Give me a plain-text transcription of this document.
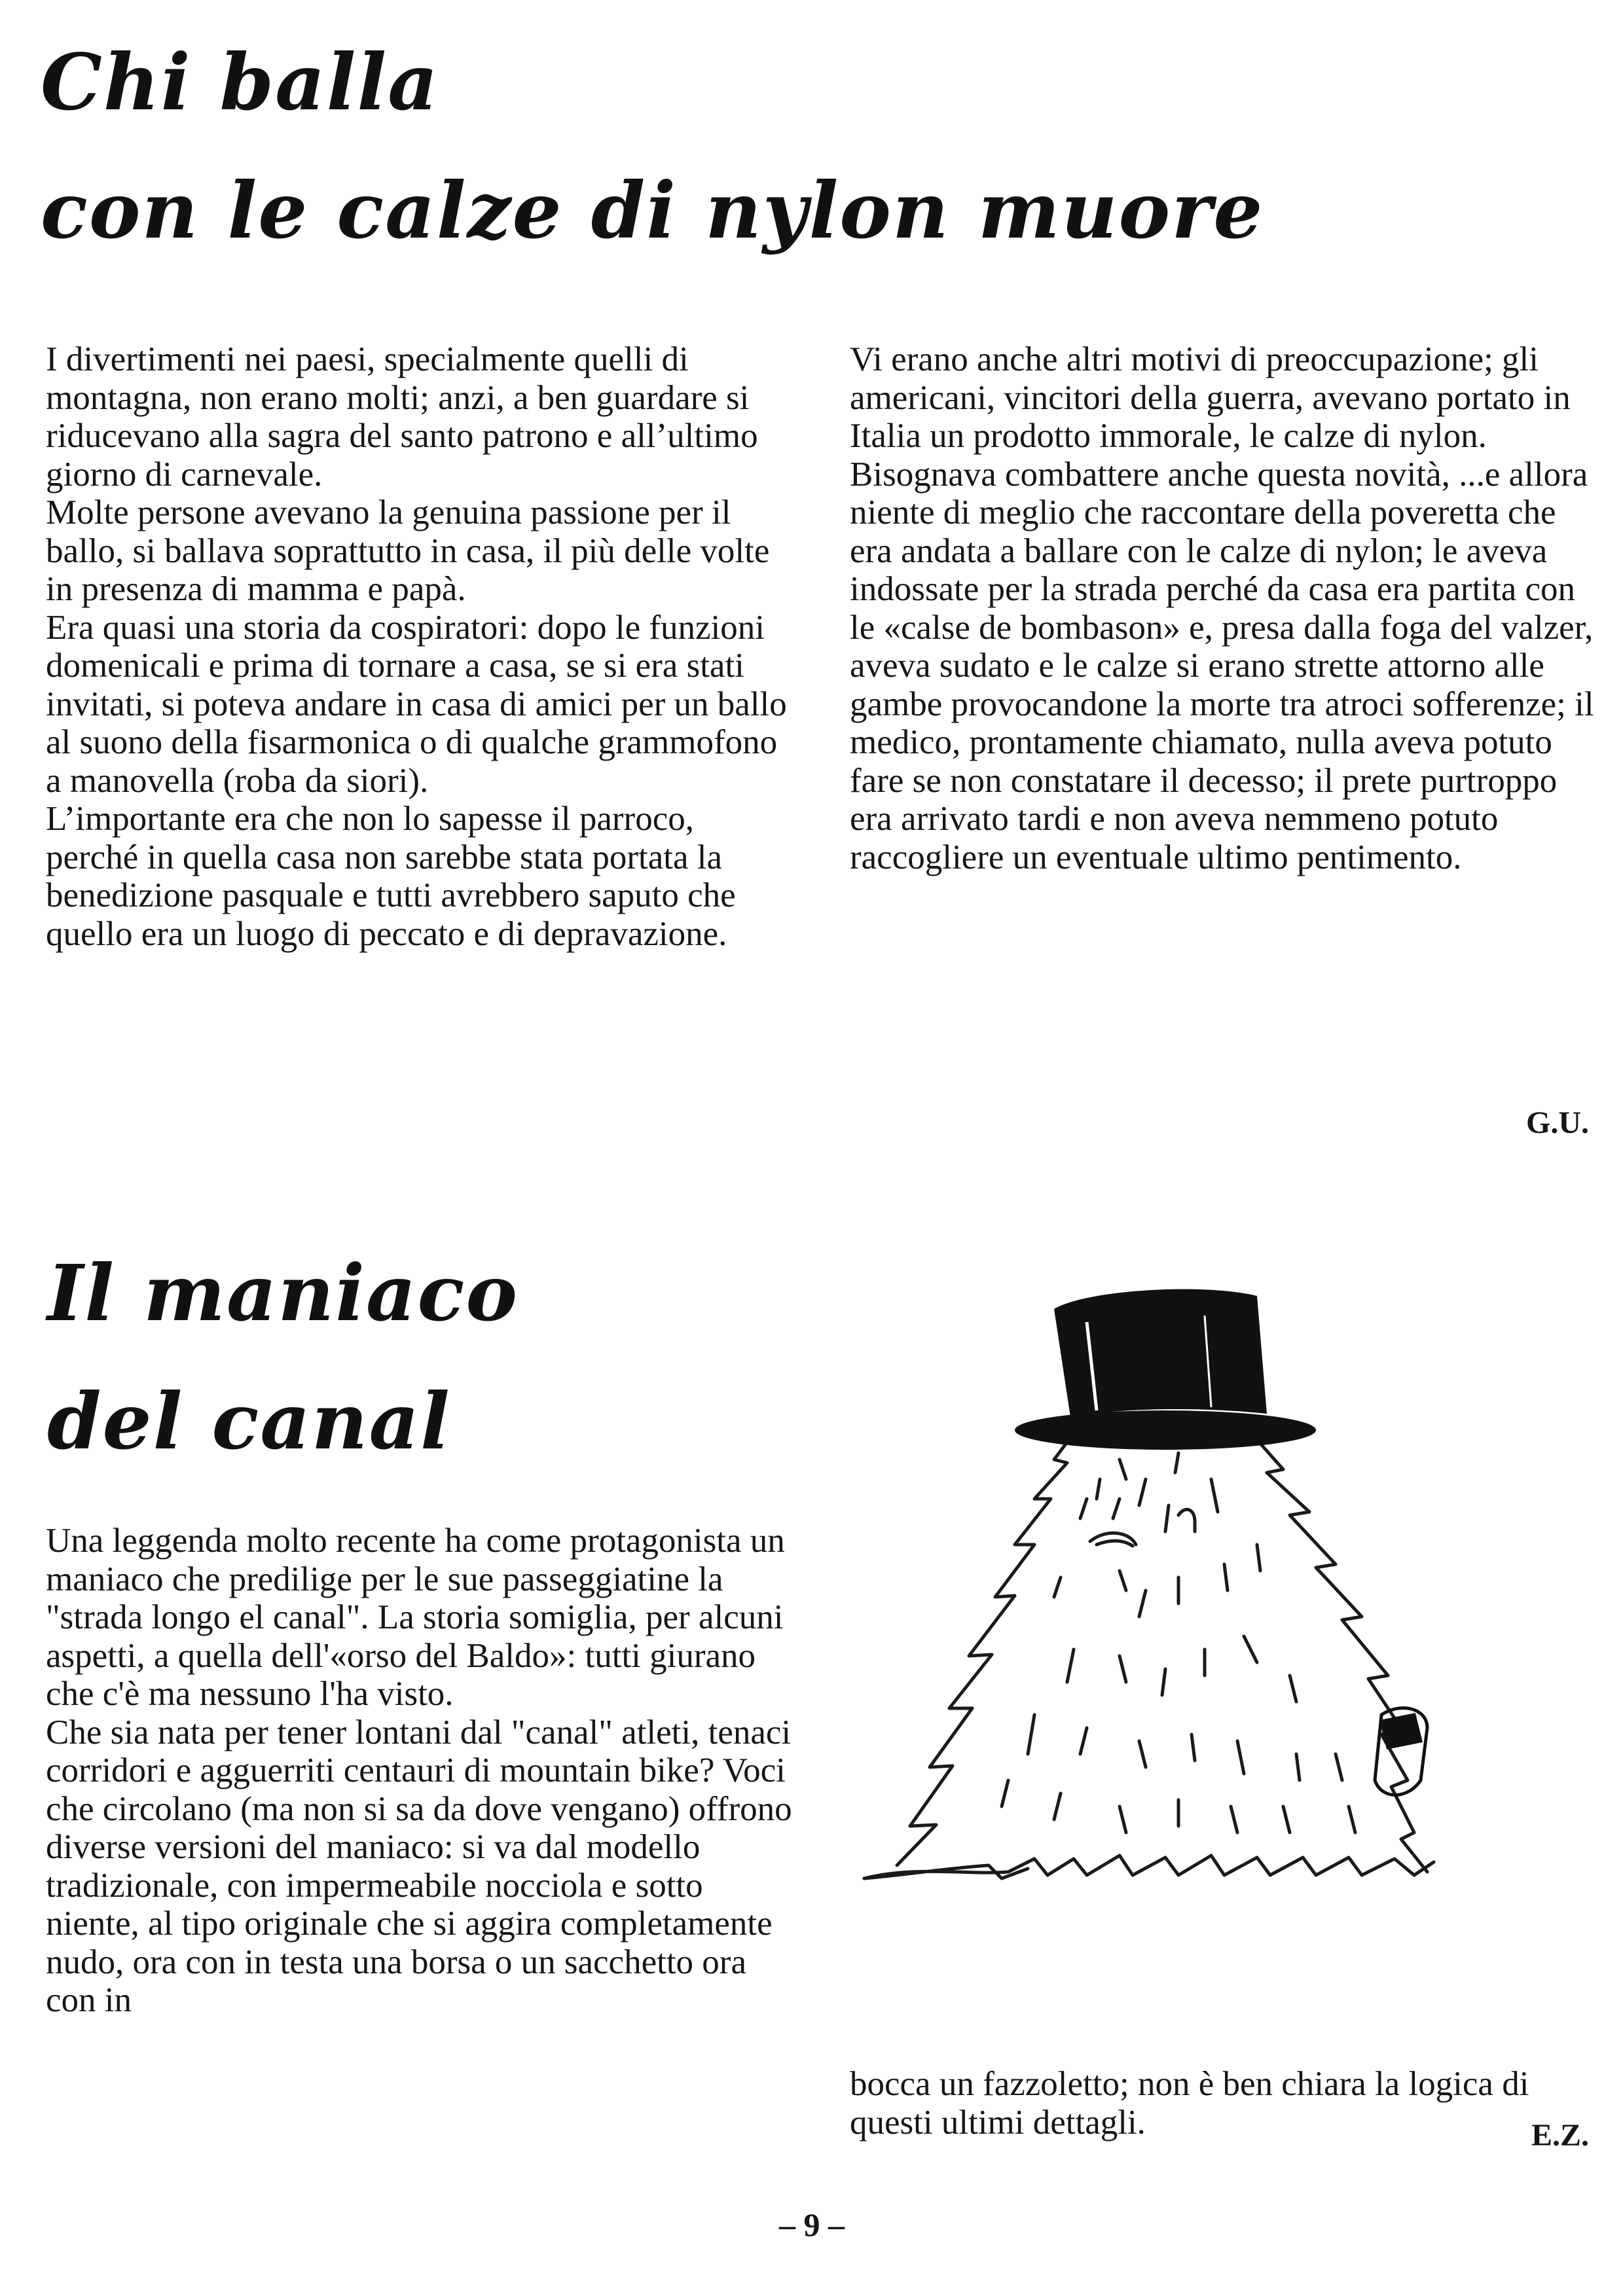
Chi balla
con le calze di nylon muore

I divertimenti nei paesi, specialmente quelli di montagna, non erano molti; anzi, a ben guardare si riducevano alla sagra del santo patrono e all’ultimo giorno di carnevale.

Molte persone avevano la genuina passione per il ballo, si ballava soprattutto in casa, il più delle volte in presenza di mamma e papà.

Era quasi una storia da cospiratori: dopo le funzioni domenicali e prima di tornare a casa, se si era stati invitati, si poteva andare in casa di amici per un ballo al suono della fisarmonica o di qualche grammofono a manovella (roba da siori).

L’importante era che non lo sapesse il parroco, perché in quella casa non sarebbe stata portata la benedizione pasquale e tutti avrebbero saputo che quello era un luogo di peccato e di depravazione.

Vi erano anche altri motivi di preoccupazione; gli americani, vincitori della guerra, avevano portato in Italia un prodotto immorale, le calze di nylon.

Bisognava combattere anche questa novità, ...e allora niente di meglio che raccontare della poveretta che era andata a ballare con le calze di nylon; le aveva indossate per la strada perché da casa era partita con le «calse de bombason» e, presa dalla foga del valzer, aveva sudato e le calze si erano strette attorno alle gambe provocandone la morte tra atroci sofferenze; il medico, prontamente chiamato, nulla aveva potuto fare se non constatare il decesso; il prete purtroppo era arrivato tardi e non aveva nemmeno potuto raccogliere un eventuale ultimo pentimento.

G.U.
Il maniaco
del canal

Una leggenda molto recente ha come protagonista un maniaco che predilige per le sue passeggiatine la "strada longo el canal". La storia somiglia, per alcuni aspetti, a quella dell'«orso del Baldo»: tutti giurano che c'è ma nessuno l'ha visto.

Che sia nata per tener lontani dal "canal" atleti, tenaci corridori e agguerriti centauri di mountain bike? Voci che circolano (ma non si sa da dove vengano) offrono diverse versioni del maniaco: si va dal modello tradizionale, con impermeabile nocciola e sotto niente, al tipo originale che si aggira completamente nudo, ora con in testa una borsa o un sacchetto ora con in

bocca un fazzoletto; non è ben chiara la logica di questi ultimi dettagli.	E.Z.
– 9 –
